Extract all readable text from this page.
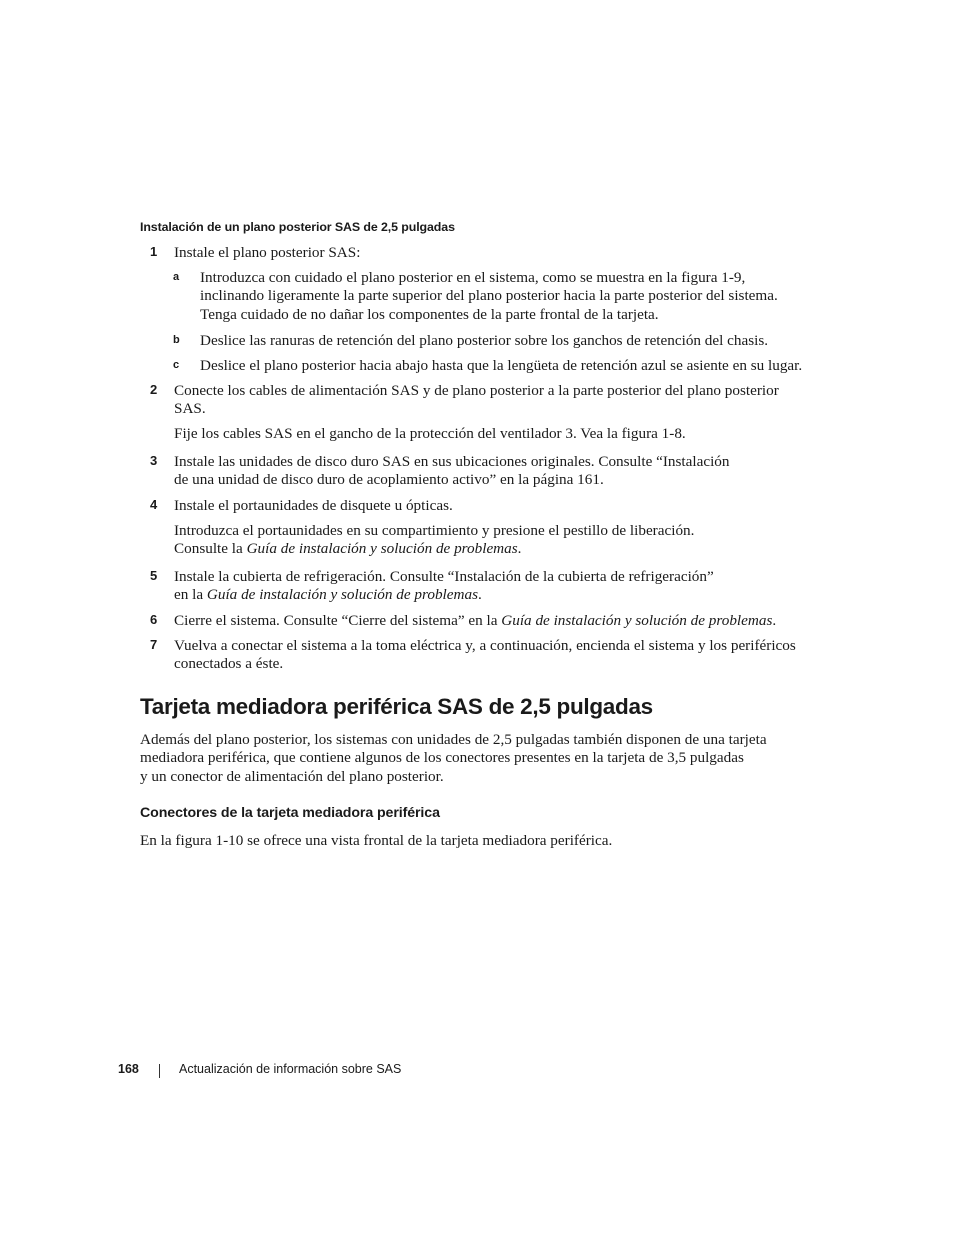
Instalación de un plano posterior SAS de 2,5 pulgadas
1 Instale el plano posterior SAS:
a Introduzca con cuidado el plano posterior en el sistema, como se muestra en la figura 1-9,
inclinando ligeramente la parte superior del plano posterior hacia la parte posterior del sistema.
Tenga cuidado de no dañar los componentes de la parte frontal de la tarjeta.
b Deslice las ranuras de retención del plano posterior sobre los ganchos de retención del chasis.
c Deslice el plano posterior hacia abajo hasta que la lengüeta de retención azul se asiente en su lugar.
2 Conecte los cables de alimentación SAS y de plano posterior a la parte posterior del plano posterior
SAS.
Fije los cables SAS en el gancho de la protección del ventilador 3. Vea la figura 1-8.
3 Instale las unidades de disco duro SAS en sus ubicaciones originales. Consulte “Instalación
de una unidad de disco duro de acoplamiento activo” en la página 161.
4 Instale el portaunidades de disquete u ópticas.
Introduzca el portaunidades en su compartimiento y presione el pestillo de liberación.
Consulte la Guía de instalación y solución de problemas.
5 Instale la cubierta de refrigeración. Consulte “Instalación de la cubierta de refrigeración”
en la Guía de instalación y solución de problemas.
6 Cierre el sistema. Consulte “Cierre del sistema” en la Guía de instalación y solución de problemas.
7 Vuelva a conectar el sistema a la toma eléctrica y, a continuación, encienda el sistema y los periféricos
conectados a éste.
Tarjeta mediadora periférica SAS de 2,5 pulgadas
Además del plano posterior, los sistemas con unidades de 2,5 pulgadas también disponen de una tarjeta
mediadora periférica, que contiene algunos de los conectores presentes en la tarjeta de 3,5 pulgadas
y un conector de alimentación del plano posterior.
Conectores de la tarjeta mediadora periférica
En la figura 1-10 se ofrece una vista frontal de la tarjeta mediadora periférica.
168	Actualización de información sobre SAS
